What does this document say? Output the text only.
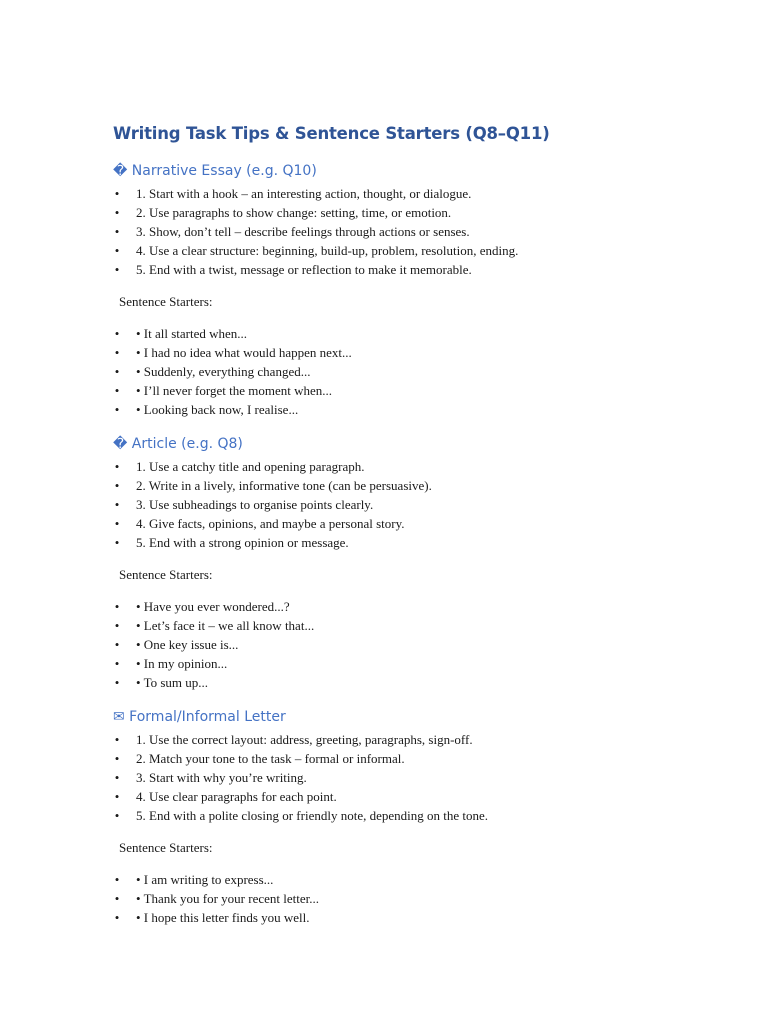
Writing Task Tips & Sentence Starters (Q8–Q11)
� Narrative Essay (e.g. Q10)
• 1. Start with a hook – an interesting action, thought, or dialogue.
• 2. Use paragraphs to show change: setting, time, or emotion.
• 3. Show, don’t tell – describe feelings through actions or senses.
• 4. Use a clear structure: beginning, build-up, problem, resolution, ending.
• 5. End with a twist, message or reflection to make it memorable.
Sentence Starters:
• • It all started when...
• • I had no idea what would happen next...
• • Suddenly, everything changed...
• • I’ll never forget the moment when...
• • Looking back now, I realise...
� Article (e.g. Q8)
• 1. Use a catchy title and opening paragraph.
• 2. Write in a lively, informative tone (can be persuasive).
• 3. Use subheadings to organise points clearly.
• 4. Give facts, opinions, and maybe a personal story.
• 5. End with a strong opinion or message.
Sentence Starters:
• • Have you ever wondered...?
• • Let’s face it – we all know that...
• • One key issue is...
• • In my opinion...
• • To sum up...
✉ Formal/Informal Letter
• 1. Use the correct layout: address, greeting, paragraphs, sign-off.
• 2. Match your tone to the task – formal or informal.
• 3. Start with why you’re writing.
• 4. Use clear paragraphs for each point.
• 5. End with a polite closing or friendly note, depending on the tone.
Sentence Starters:
• • I am writing to express...
• • Thank you for your recent letter...
• • I hope this letter finds you well.
